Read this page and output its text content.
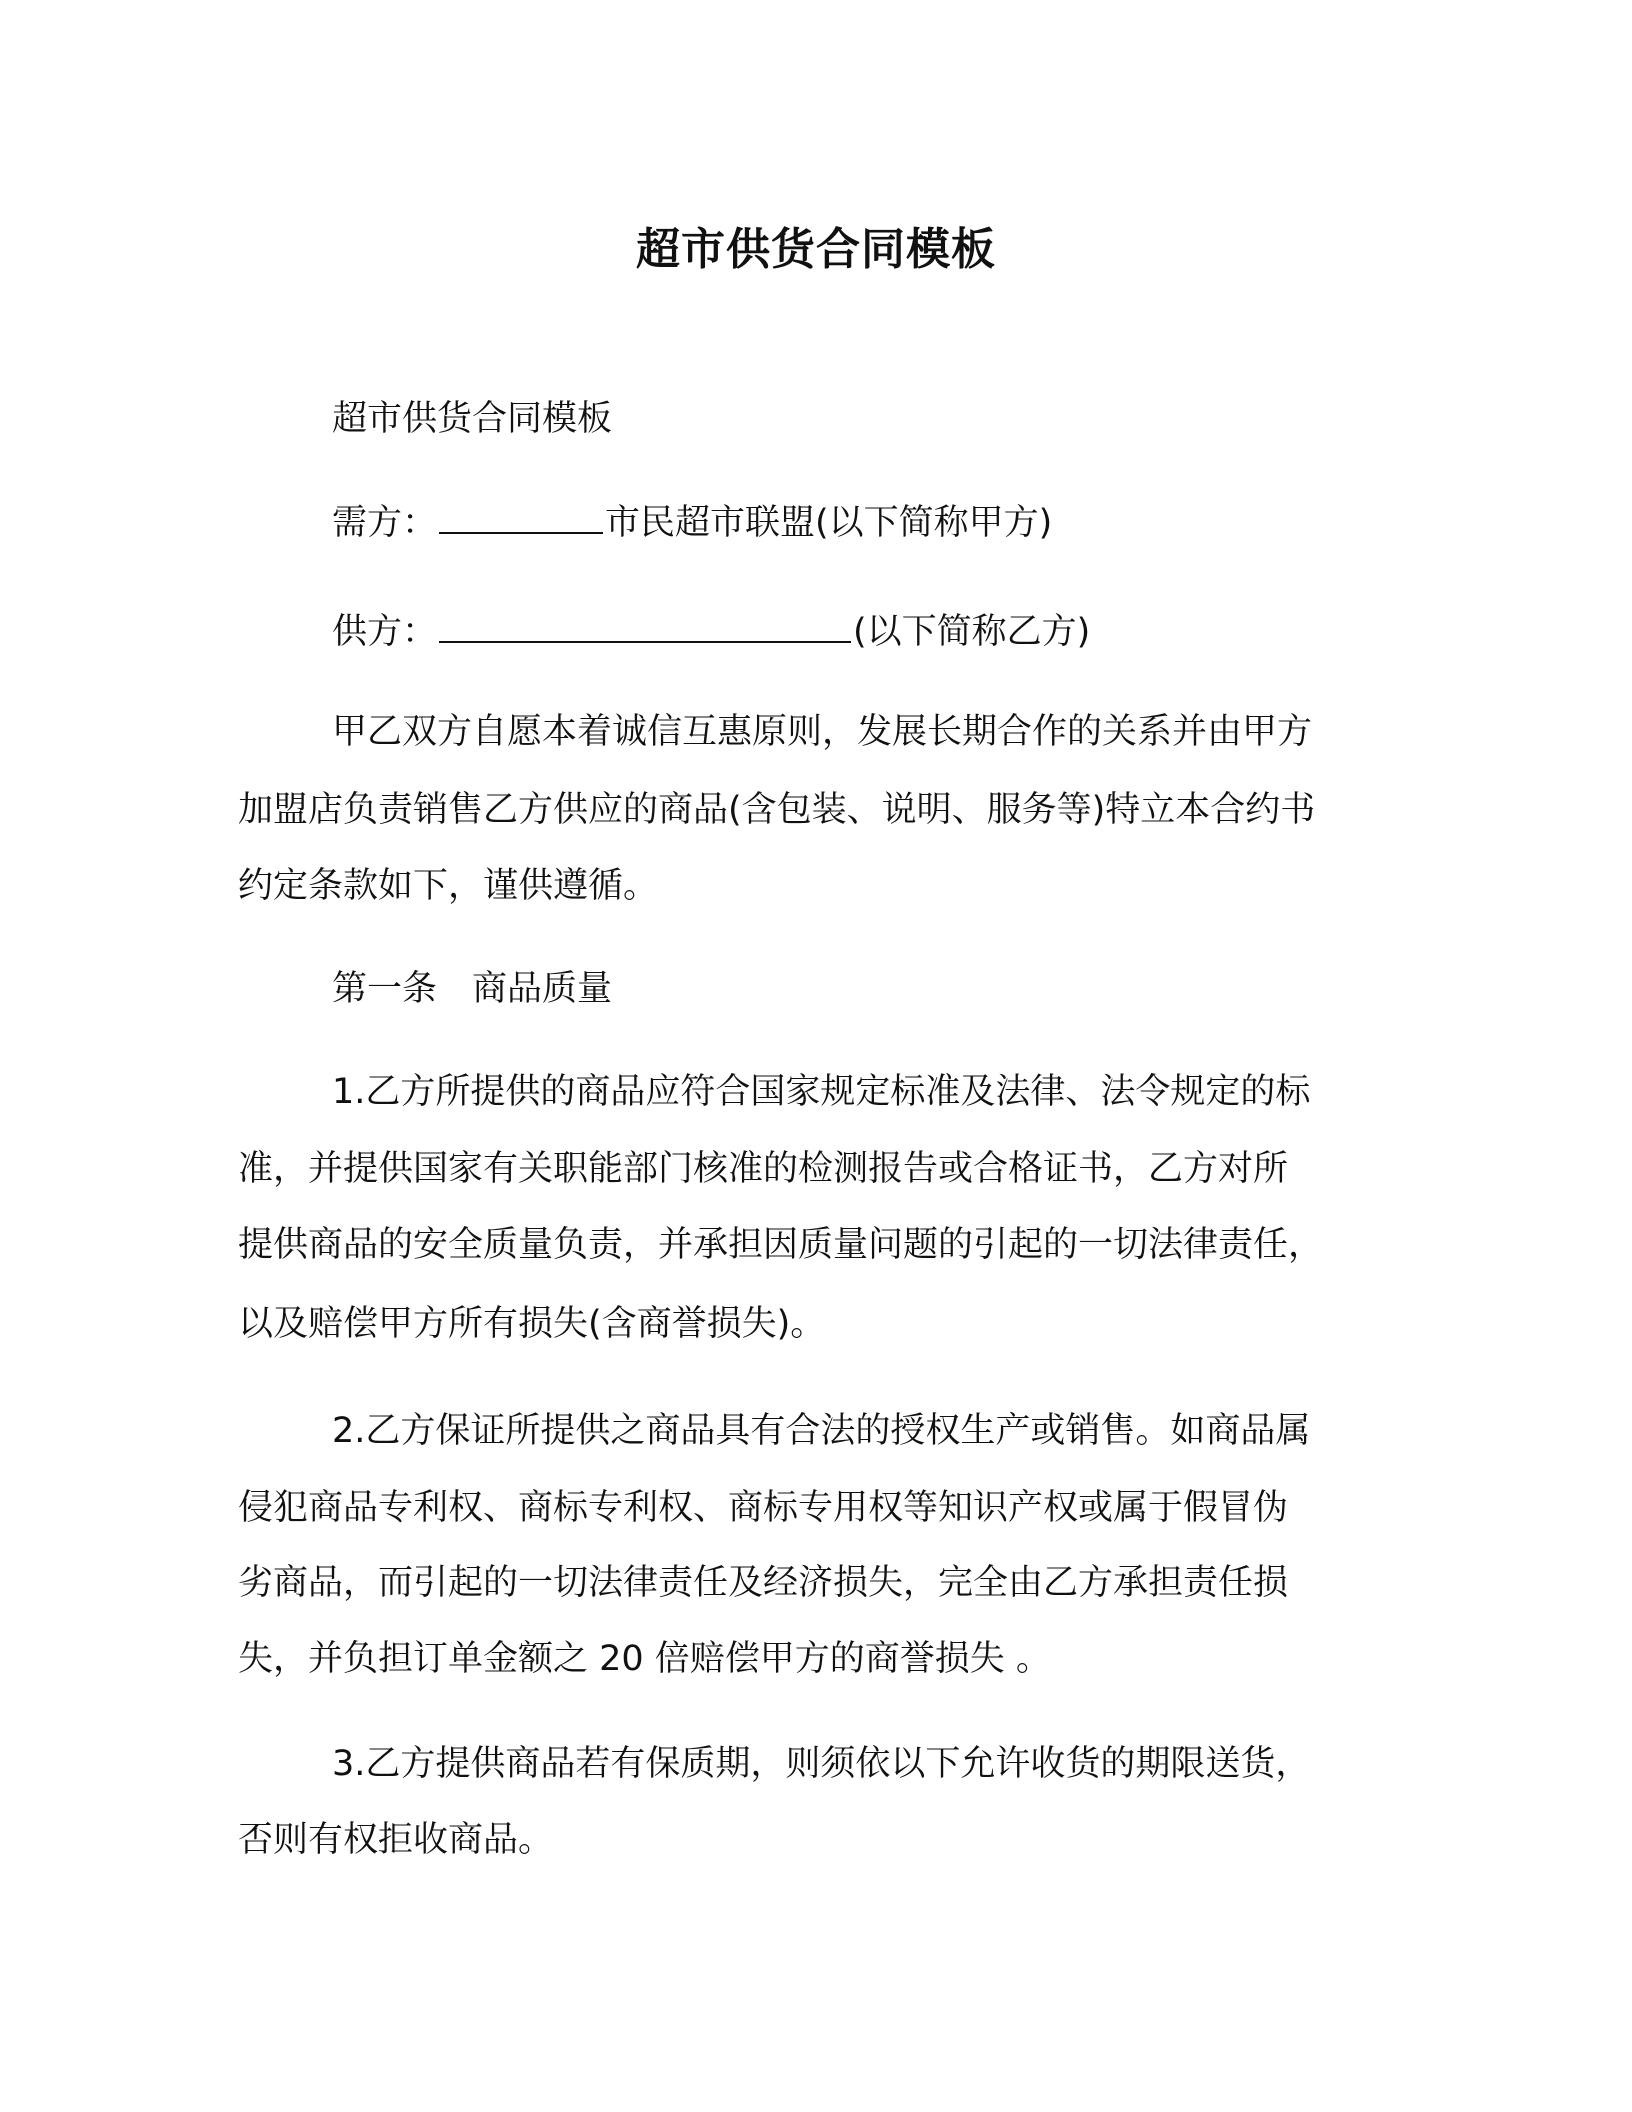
超市供货合同模板
超市供货合同模板
需方：	市民超市联盟(以下简称甲方)
供方：	(以下简称乙方)
甲乙双方自愿本着诚信互惠原则，发展长期合作的关系并由甲方
加盟店负责销售乙方供应的商品(含包装、说明、服务等)特立本合约书
约定条款如下，谨供遵循。
第一条　商品质量
1.乙方所提供的商品应符合国家规定标准及法律、法令规定的标
准，并提供国家有关职能部门核准的检测报告或合格证书，乙方对所
提供商品的安全质量负责，并承担因质量问题的引起的一切法律责任，
以及赔偿甲方所有损失(含商誉损失)。
2.乙方保证所提供之商品具有合法的授权生产或销售。如商品属
侵犯商品专利权、商标专利权、商标专用权等知识产权或属于假冒伪
劣商品，而引起的一切法律责任及经济损失，完全由乙方承担责任损
失，并负担订单金额之 20 倍赔偿甲方的商誉损失 。
3.乙方提供商品若有保质期，则须依以下允许收货的期限送货，
否则有权拒收商品。
